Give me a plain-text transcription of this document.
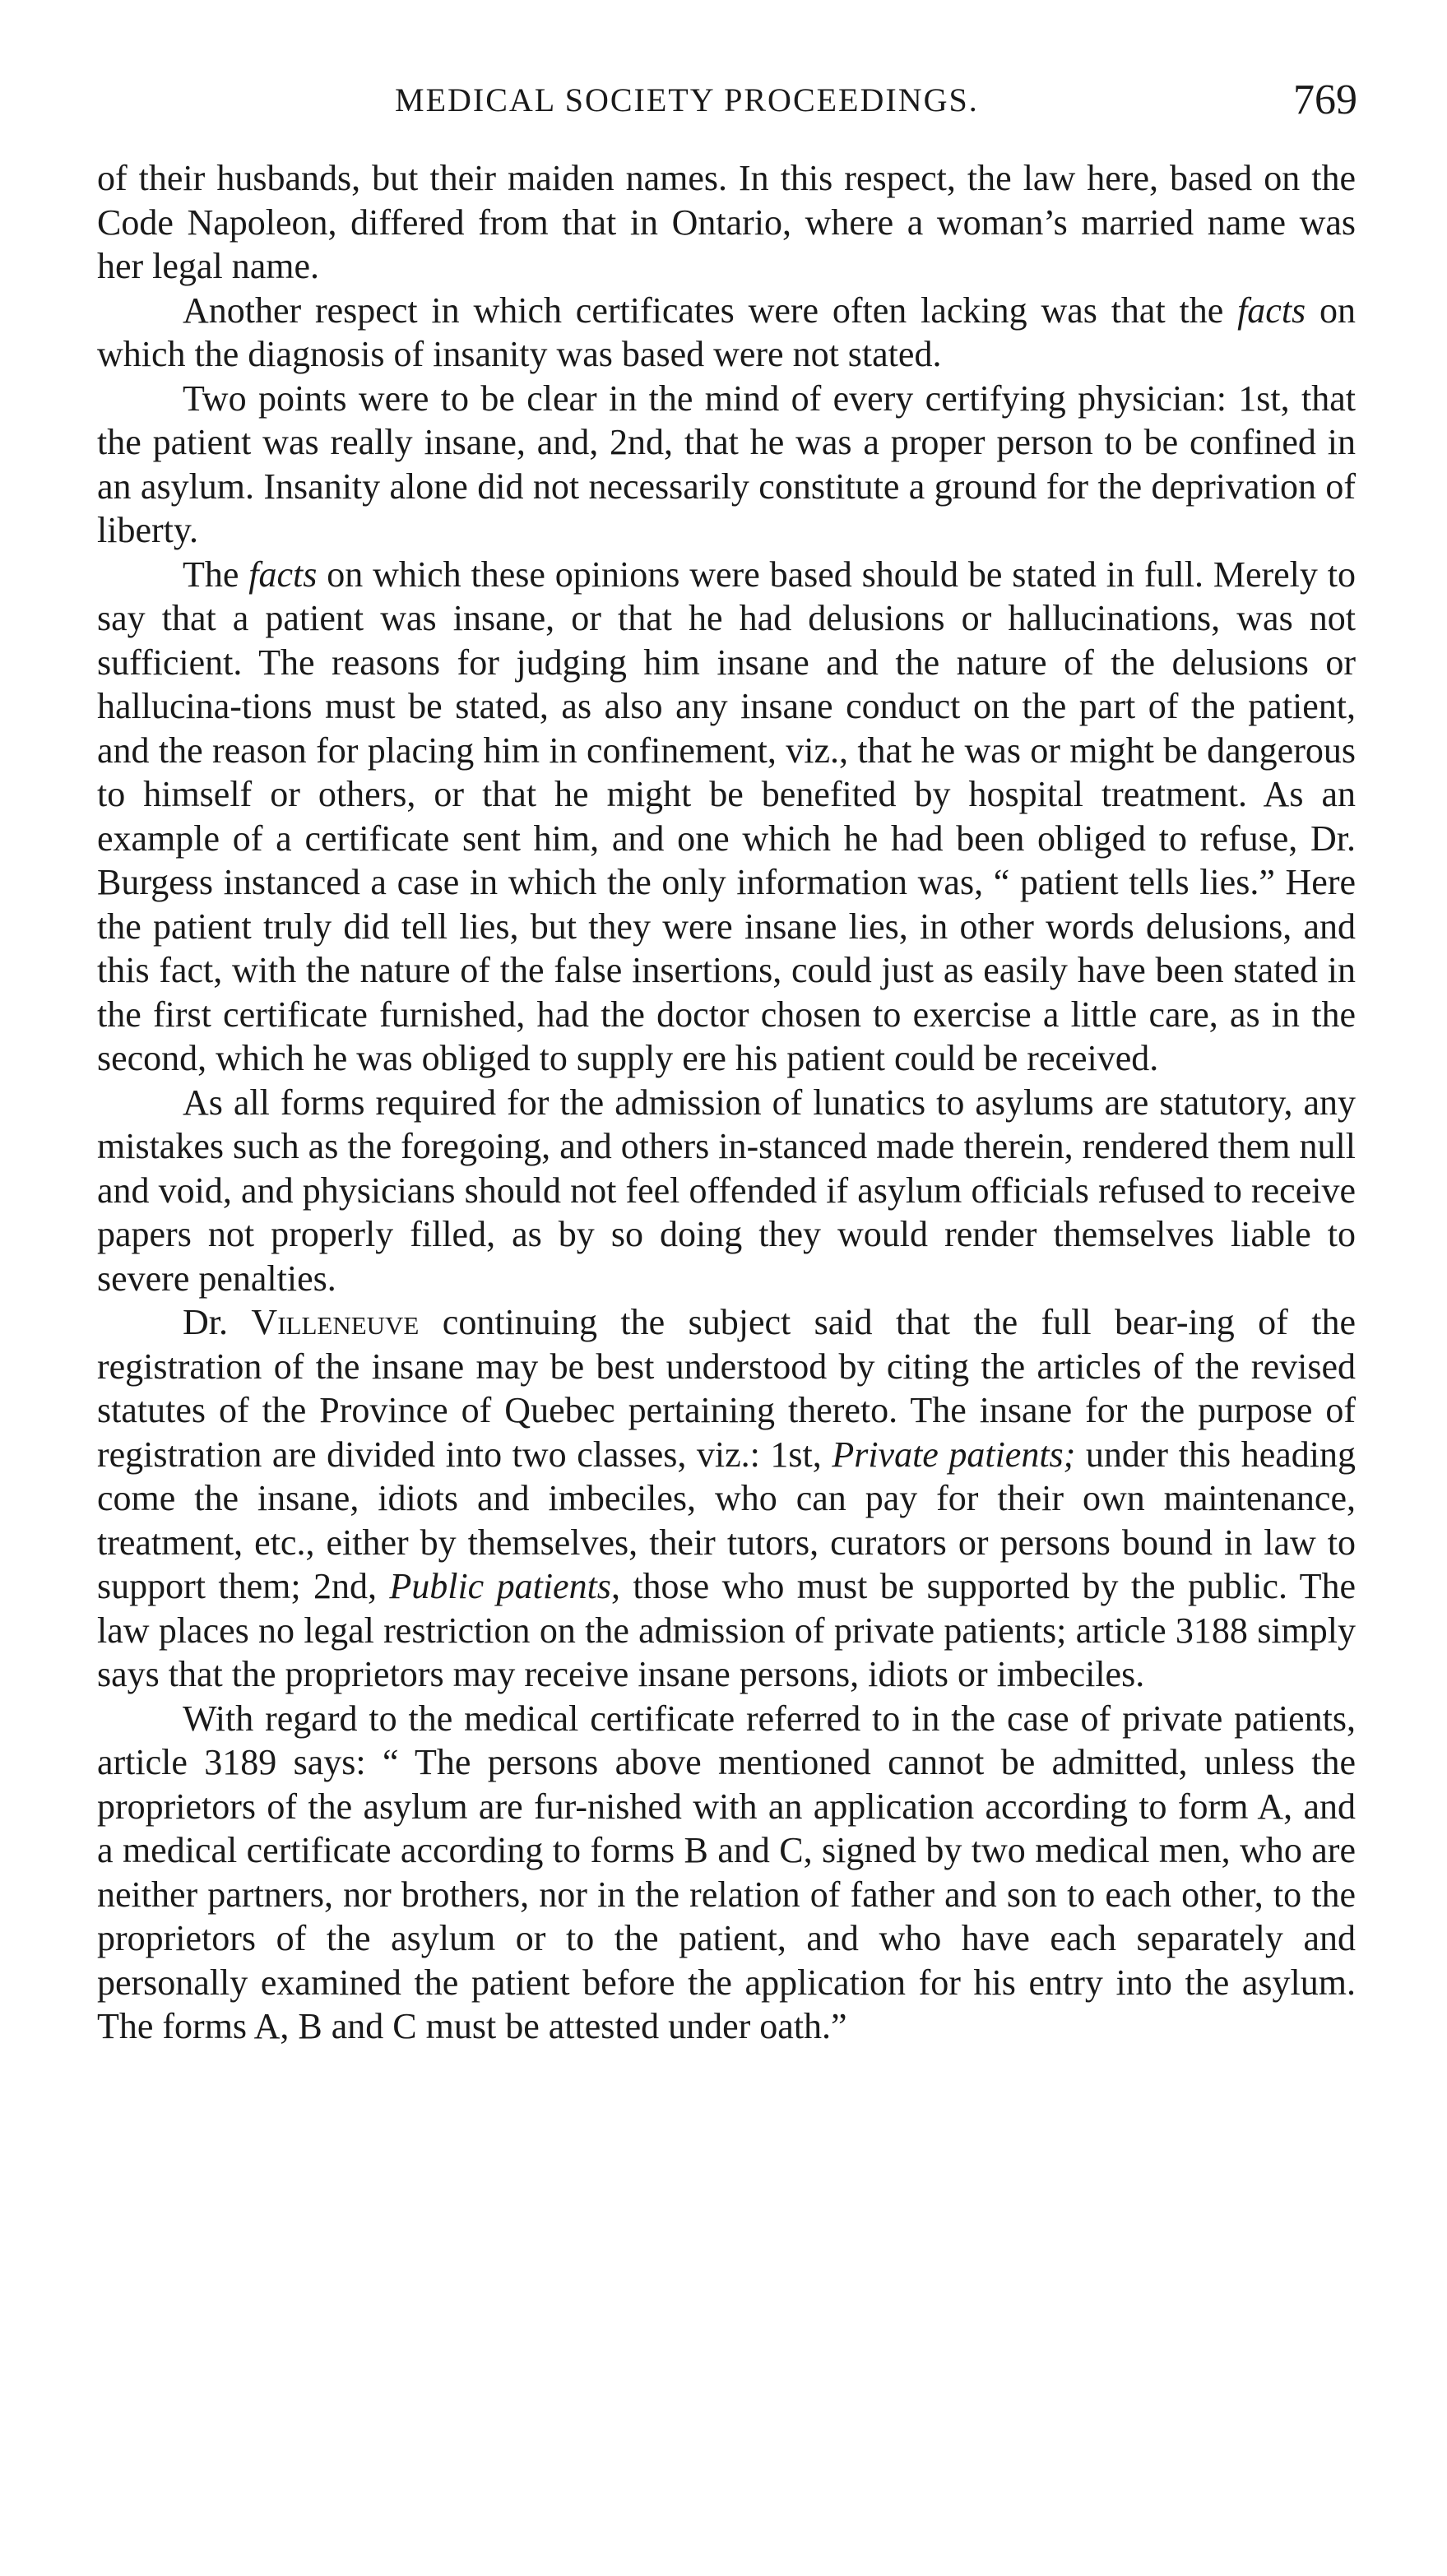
MEDICAL SOCIETY PROCEEDINGS.	769

of their husbands, but their maiden names. In this respect, the law here, based on the Code Napoleon, differed from that in Ontario, where a woman’s married name was her legal name.

Another respect in which certificates were often lacking was that the facts on which the diagnosis of insanity was based were not stated.

Two points were to be clear in the mind of every certifying physician: 1st, that the patient was really insane, and, 2nd, that he was a proper person to be confined in an asylum. Insanity alone did not necessarily constitute a ground for the deprivation of liberty.

The facts on which these opinions were based should be stated in full. Merely to say that a patient was insane, or that he had delusions or hallucinations, was not sufficient. The reasons for judging him insane and the nature of the delusions or hallucina-tions must be stated, as also any insane conduct on the part of the patient, and the reason for placing him in confinement, viz., that he was or might be dangerous to himself or others, or that he might be benefited by hospital treatment. As an example of a certificate sent him, and one which he had been obliged to refuse, Dr. Burgess instanced a case in which the only information was, “ patient tells lies.” Here the patient truly did tell lies, but they were insane lies, in other words delusions, and this fact, with the nature of the false insertions, could just as easily have been stated in the first certificate furnished, had the doctor chosen to exercise a little care, as in the second, which he was obliged to supply ere his patient could be received.

As all forms required for the admission of lunatics to asylums are statutory, any mistakes such as the foregoing, and others in-stanced made therein, rendered them null and void, and physicians should not feel offended if asylum officials refused to receive papers not properly filled, as by so doing they would render themselves liable to severe penalties.

Dr. Villeneuve continuing the subject said that the full bear-ing of the registration of the insane may be best understood by citing the articles of the revised statutes of the Province of Quebec pertaining thereto. The insane for the purpose of registration are divided into two classes, viz.: 1st, Private patients; under this heading come the insane, idiots and imbeciles, who can pay for their own maintenance, treatment, etc., either by themselves, their tutors, curators or persons bound in law to support them; 2nd, Public patients, those who must be supported by the public. The law places no legal restriction on the admission of private patients; article 3188 simply says that the proprietors may receive insane persons, idiots or imbeciles.

With regard to the medical certificate referred to in the case of private patients, article 3189 says: “ The persons above mentioned cannot be admitted, unless the proprietors of the asylum are fur-nished with an application according to form A, and a medical certificate according to forms B and C, signed by two medical men, who are neither partners, nor brothers, nor in the relation of father and son to each other, to the proprietors of the asylum or to the patient, and who have each separately and personally examined the patient before the application for his entry into the asylum. The forms A, B and C must be attested under oath.”
